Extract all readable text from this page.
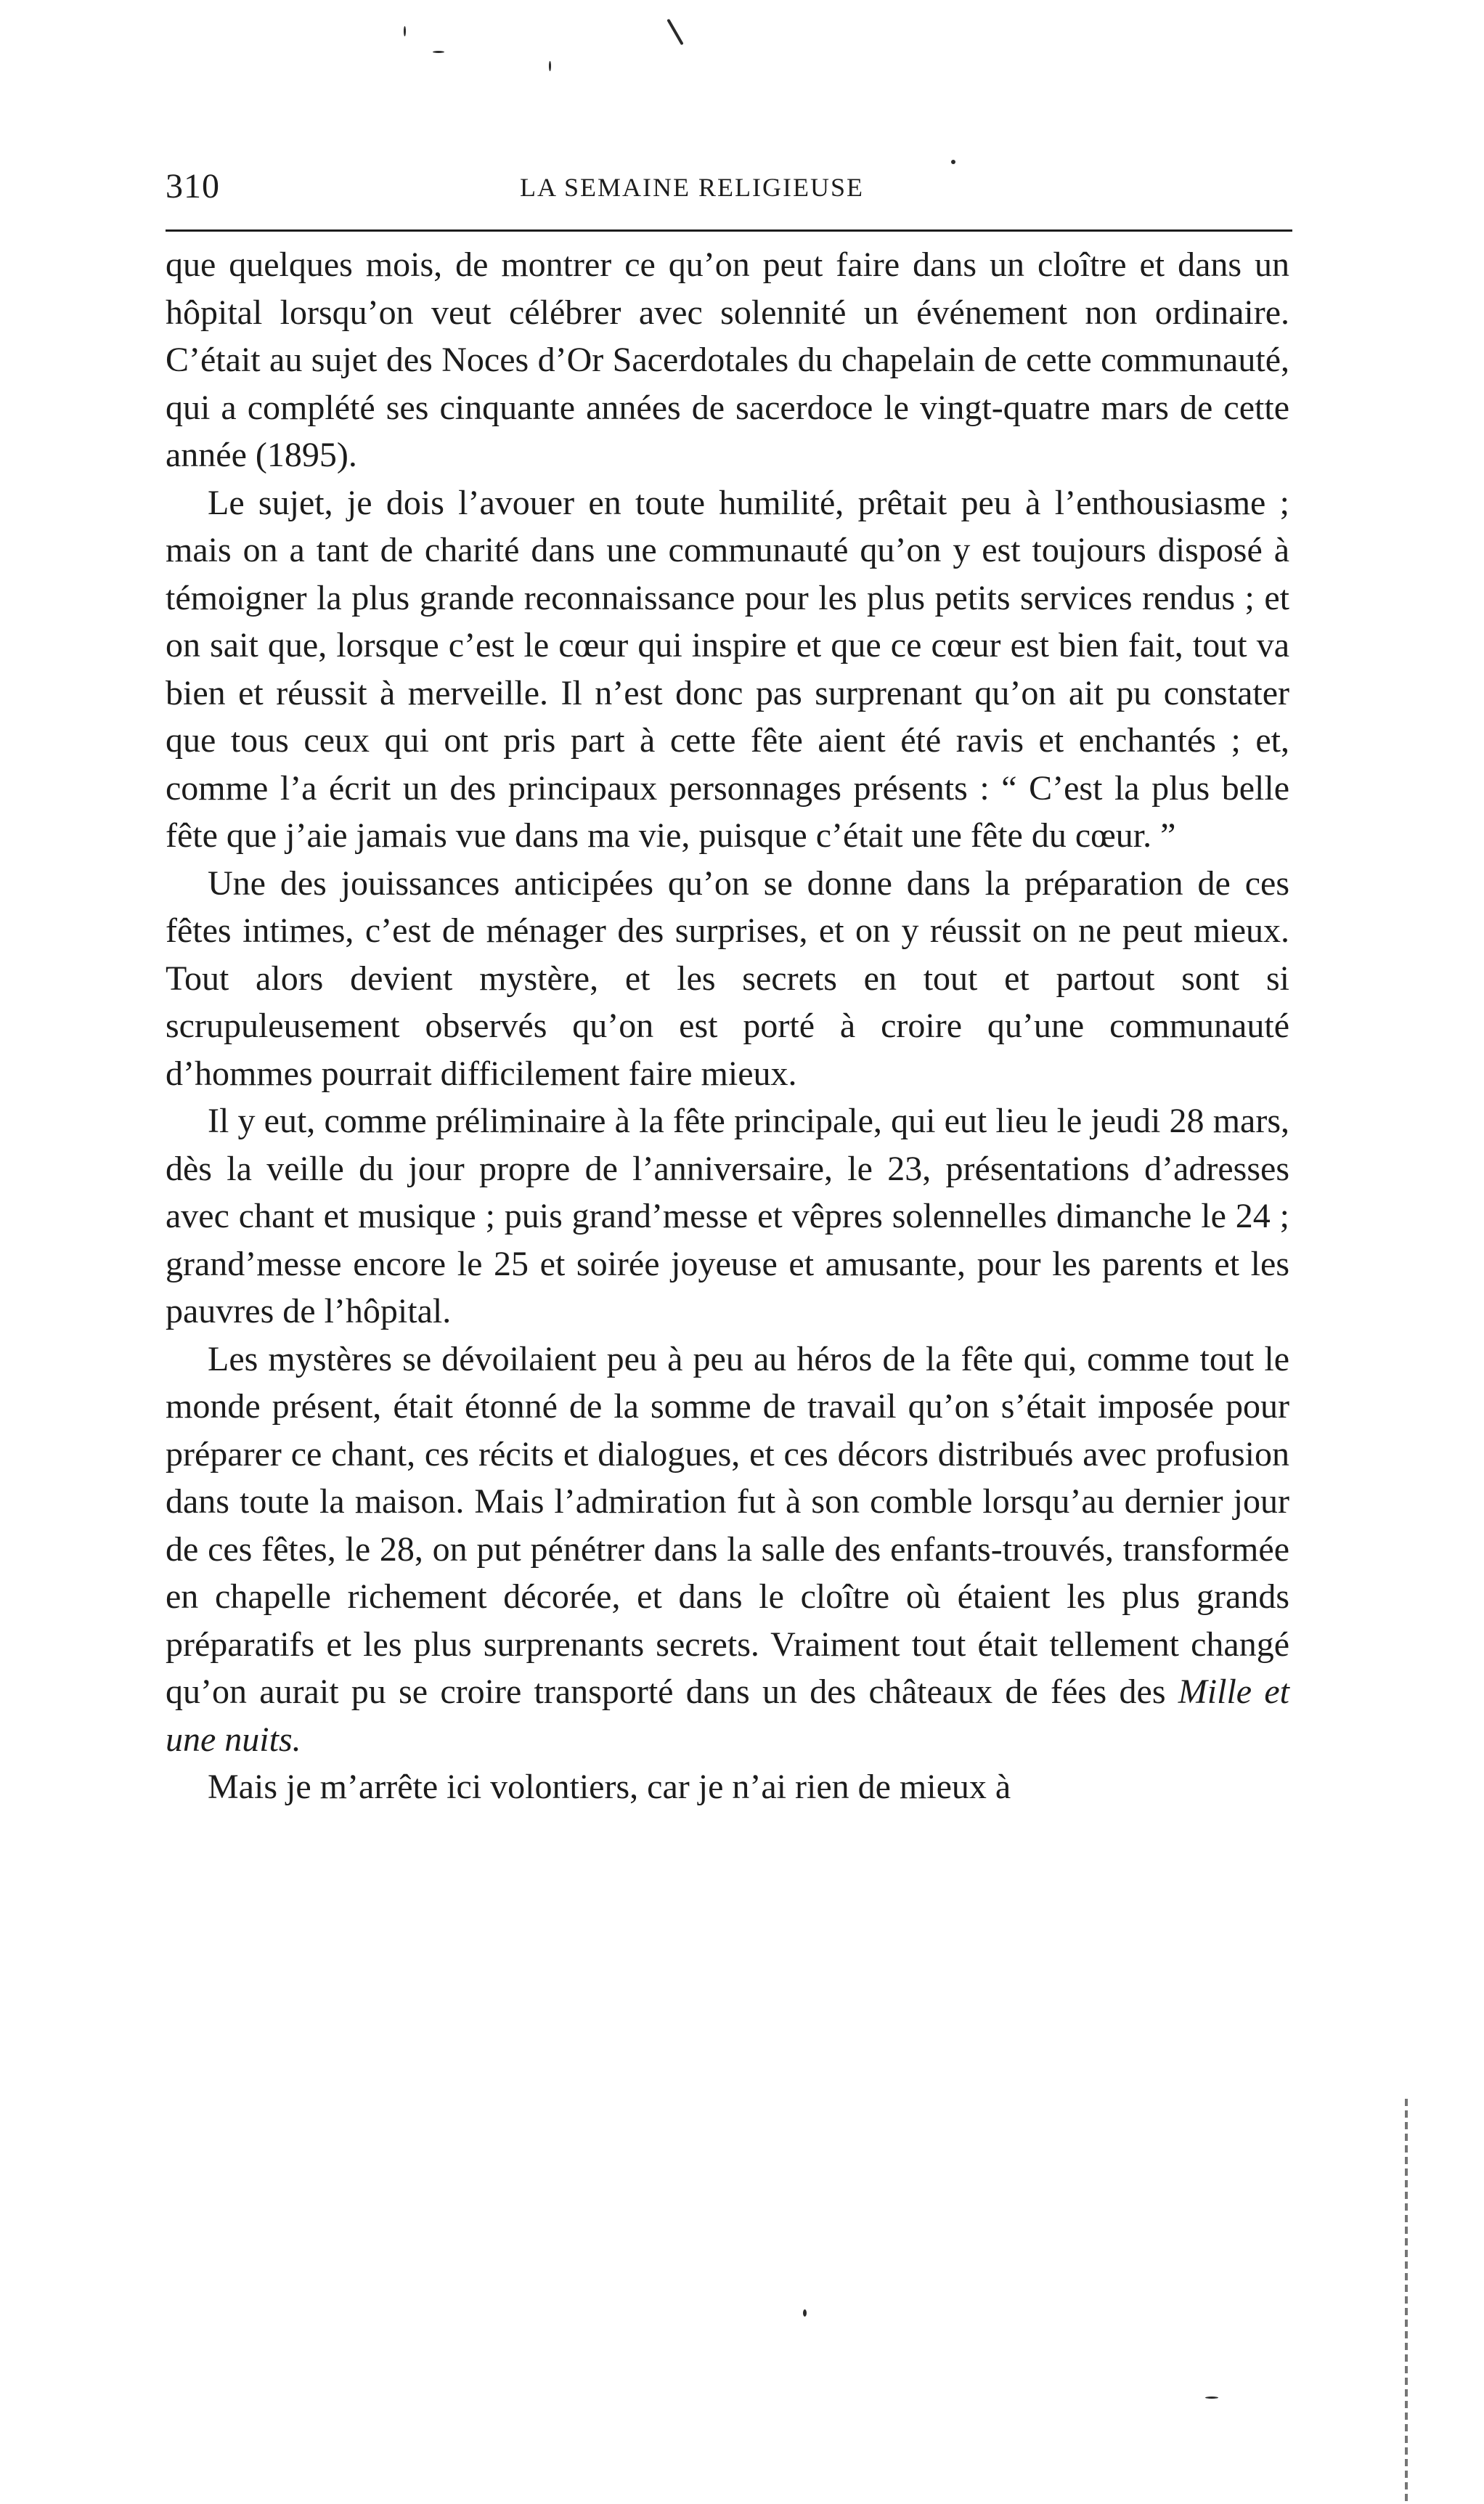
310	LA SEMAINE RELIGIEUSE

que quelques mois, de montrer ce qu’on peut faire dans un cloître et dans un hôpital lorsqu’on veut célébrer avec solennité un événement non ordinaire. C’était au sujet des Noces d’Or Sacerdotales du chapelain de cette communauté, qui a complété ses cinquante années de sacerdoce le vingt-quatre mars de cette année (1895).

Le sujet, je dois l’avouer en toute humilité, prêtait peu à l’enthousiasme ; mais on a tant de charité dans une communauté qu’on y est toujours disposé à témoigner la plus grande reconnaissance pour les plus petits services rendus ; et on sait que, lorsque c’est le cœur qui inspire et que ce cœur est bien fait, tout va bien et réussit à merveille. Il n’est donc pas surprenant qu’on ait pu constater que tous ceux qui ont pris part à cette fête aient été ravis et enchantés ; et, comme l’a écrit un des principaux personnages présents : “ C’est la plus belle fête que j’aie jamais vue dans ma vie, puisque c’était une fête du cœur. ”

Une des jouissances anticipées qu’on se donne dans la préparation de ces fêtes intimes, c’est de ménager des surprises, et on y réussit on ne peut mieux. Tout alors devient mystère, et les secrets en tout et partout sont si scrupuleusement observés qu’on est porté à croire qu’une communauté d’hommes pourrait difficilement faire mieux.

Il y eut, comme préliminaire à la fête principale, qui eut lieu le jeudi 28 mars, dès la veille du jour propre de l’anniversaire, le 23, présentations d’adresses avec chant et musique ; puis grand’messe et vêpres solennelles dimanche le 24 ; grand’messe encore le 25 et soirée joyeuse et amusante, pour les parents et les pauvres de l’hôpital.

Les mystères se dévoilaient peu à peu au héros de la fête qui, comme tout le monde présent, était étonné de la somme de travail qu’on s’était imposée pour préparer ce chant, ces récits et dialogues, et ces décors distribués avec profusion dans toute la maison. Mais l’admiration fut à son comble lorsqu’au dernier jour de ces fêtes, le 28, on put pénétrer dans la salle des enfants-trouvés, transformée en chapelle richement décorée, et dans le cloître où étaient les plus grands préparatifs et les plus surprenants secrets. Vraiment tout était tellement changé qu’on aurait pu se croire transporté dans un des châteaux de fées des Mille et une nuits.

Mais je m’arrête ici volontiers, car je n’ai rien de mieux à
